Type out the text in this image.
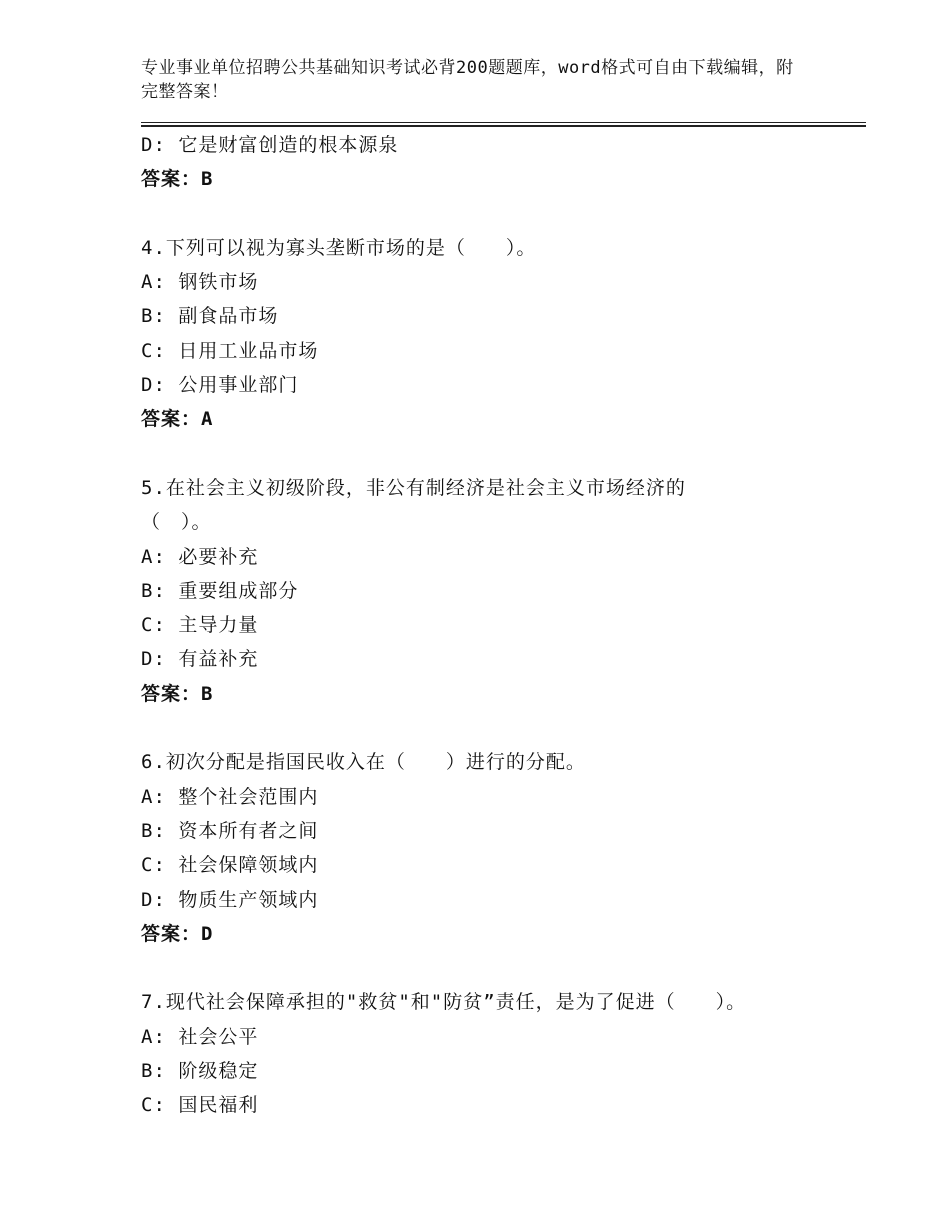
专业事业单位招聘公共基础知识考试必背200题题库，word格式可自由下载编辑，附完整答案！
D: 它是财富创造的根本源泉
答案：B
4.下列可以视为寡头垄断市场的是（　　）。
A: 钢铁市场
B: 副食品市场
C: 日用工业品市场
D: 公用事业部门
答案：A
5.在社会主义初级阶段，非公有制经济是社会主义市场经济的
（　）。
A: 必要补充
B: 重要组成部分
C: 主导力量
D: 有益补充
答案：B
6.初次分配是指国民收入在（　　）进行的分配。
A: 整个社会范围内
B: 资本所有者之间
C: 社会保障领域内
D: 物质生产领域内
答案：D
7.现代社会保障承担的"救贫"和"防贫”责任，是为了促进（　　）。
A: 社会公平
B: 阶级稳定
C: 国民福利
